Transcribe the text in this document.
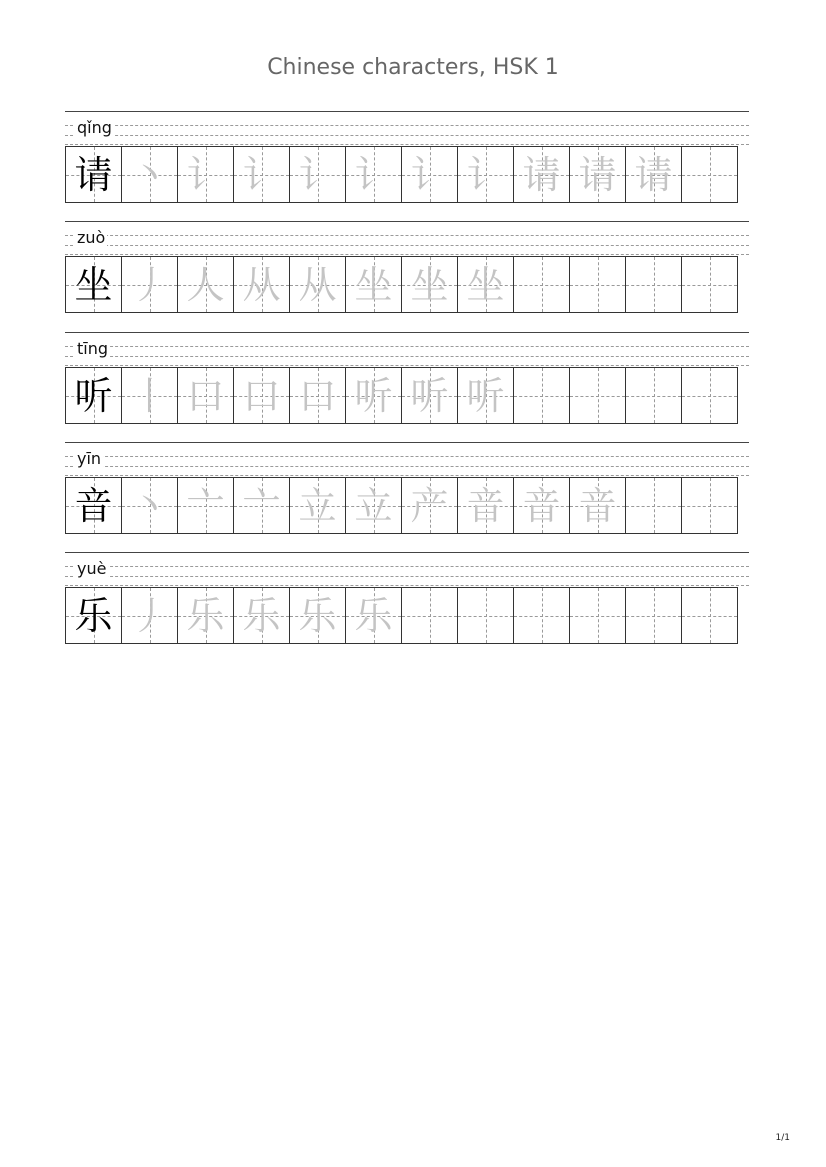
Chinese characters, HSK 1
qǐng
请 丶 讠 讠 讠 讠 讠 讠 请 请 请
zuò
坐 丿 人 从 从 坐 坐 坐
tīng
听 丨 口 口 口 听 听 听
yīn
音 丶 亠 亠 立 立 产 音 音 音
yuè
乐 丿 乐 乐 乐 乐
1/1
